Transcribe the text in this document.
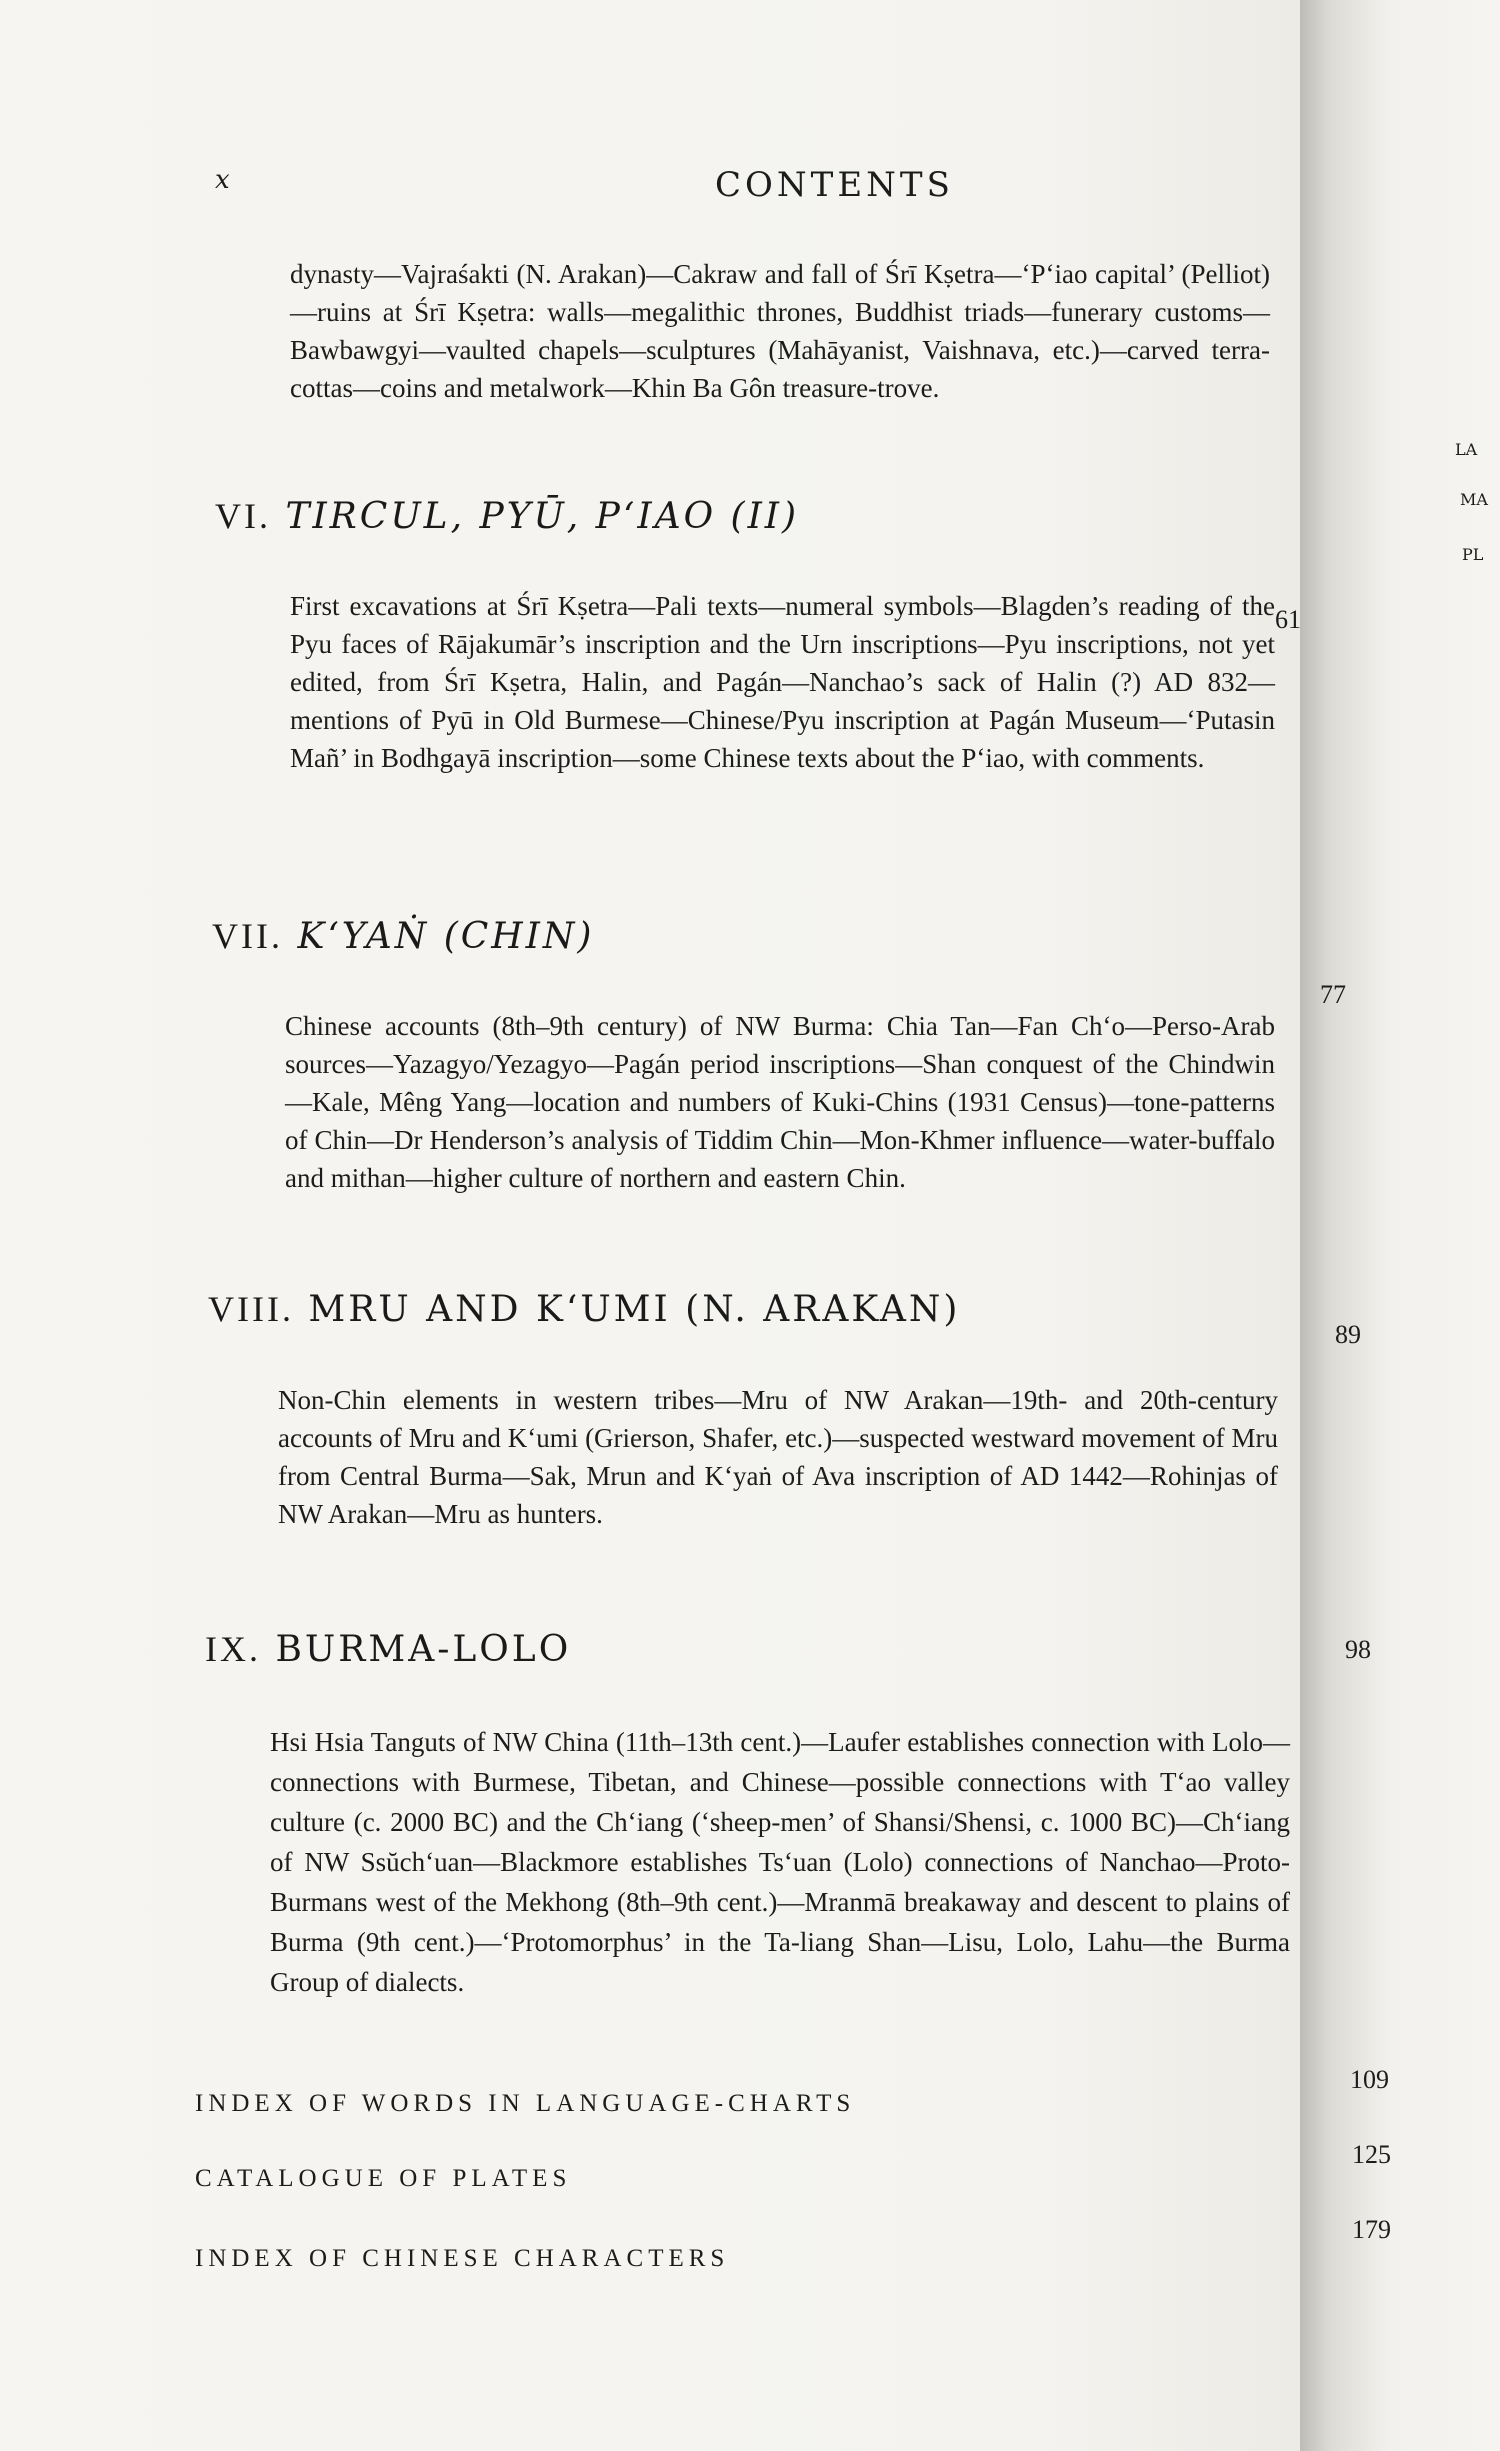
LA
MA
PL
x	CONTENTS

dynasty—Vajraśakti (N. Arakan)—Cakraw and fall of Śrī Kṣetra—‘P‘iao capital’ (Pelliot)—ruins at Śrī Kṣetra: walls—megalithic thrones, Buddhist triads—funerary customs—Bawbawgyi—vaulted chapels—sculptures (Mahāyanist, Vaishnava, etc.)—carved terra-cottas—coins and metalwork—Khin Ba Gôn treasure-trove.

VI. TIRCUL, PYŪ, P‘IAO (II)

First excavations at Śrī Kṣetra—Pali texts—numeral symbols—Blagden’s reading of the Pyu faces of Rājakumār’s inscription and the Urn inscriptions—Pyu inscriptions, not yet edited, from Śrī Kṣetra, Halin, and Pagán—Nanchao’s sack of Halin (?) AD 832—mentions of Pyū in Old Burmese—Chinese/Pyu inscription at Pagán Museum—‘Putasin Mañ’ in Bodhgayā inscription—some Chinese texts about the P‘iao, with comments.

61
VII. K‘YAṄ (CHIN)

Chinese accounts (8th–9th century) of NW Burma: Chia Tan—Fan Ch‘o—Perso-Arab sources—Yazagyo/Yezagyo—Pagán period inscriptions—Shan conquest of the Chindwin—Kale, Mêng Yang—location and numbers of Kuki-Chins (1931 Census)—tone-patterns of Chin—Dr Henderson’s analysis of Tiddim Chin—Mon-Khmer influence—water-buffalo and mithan—higher culture of northern and eastern Chin.

77
VIII. MRU AND K‘UMI (N. ARAKAN)

Non-Chin elements in western tribes—Mru of NW Arakan—19th- and 20th-century accounts of Mru and K‘umi (Grierson, Shafer, etc.)—suspected westward movement of Mru from Central Burma—Sak, Mrun and K‘yaṅ of Ava inscription of AD 1442—Rohinjas of NW Arakan—Mru as hunters.

89
IX. BURMA-LOLO

Hsi Hsia Tanguts of NW China (11th–13th cent.)—Laufer establishes connection with Lolo—connections with Burmese, Tibetan, and Chinese—possible connections with T‘ao valley culture (c. 2000 BC) and the Ch‘iang (‘sheep-men’ of Shansi/Shensi, c. 1000 BC)—Ch‘iang of NW Ssŭch‘uan—Blackmore establishes Ts‘uan (Lolo) connections of Nanchao—Proto-Burmans west of the Mekhong (8th–9th cent.)—Mranmā breakaway and descent to plains of Burma (9th cent.)—‘Protomorphus’ in the Ta-liang Shan—Lisu, Lolo, Lahu—the Burma Group of dialects.

98
INDEX OF WORDS IN LANGUAGE-CHARTS
109
CATALOGUE OF PLATES
125
INDEX OF CHINESE CHARACTERS
179
